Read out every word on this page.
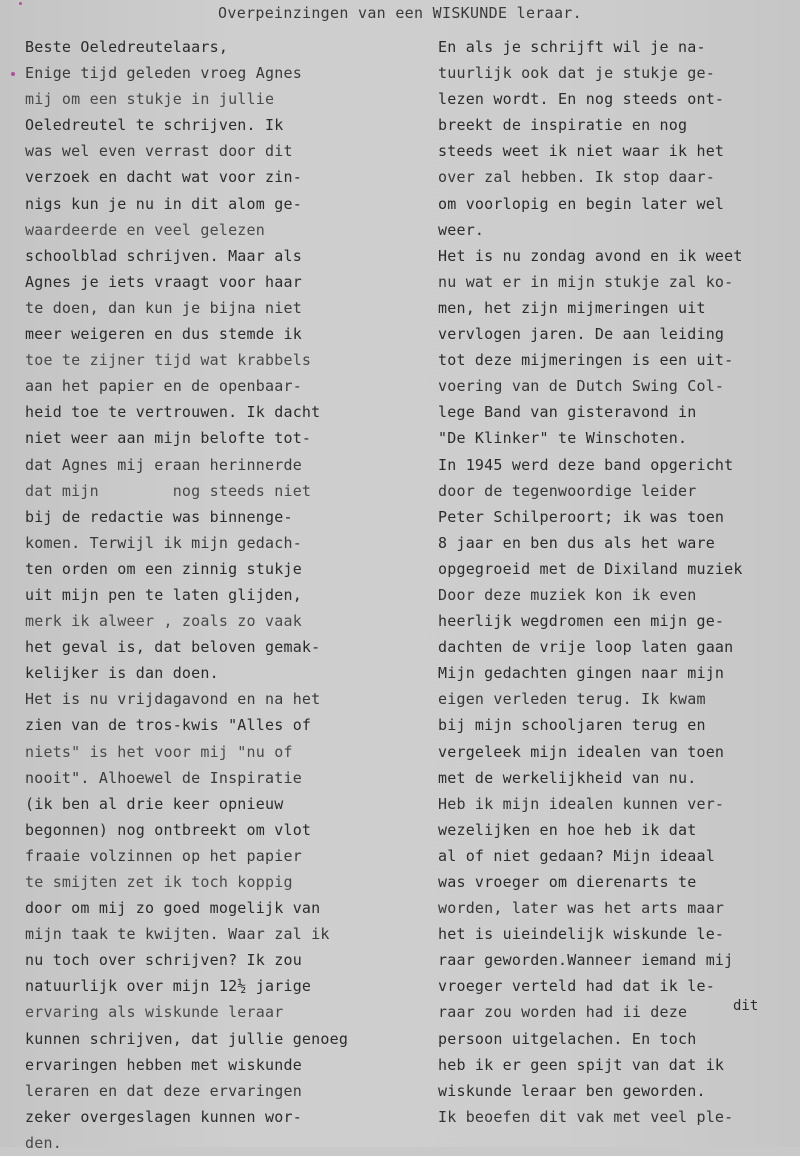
Overpeinzingen van een WISKUNDE leraar.
Beste Oeledreutelaars,
Enige tijd geleden vroeg Agnes
mij om een stukje in jullie
Oeledreutel te schrijven. Ik
was wel even verrast door dit
verzoek en dacht wat voor zin-
nigs kun je nu in dit alom ge-
waardeerde en veel gelezen
schoolblad schrijven. Maar als
Agnes je iets vraagt voor haar
te doen, dan kun je bijna niet
meer weigeren en dus stemde ik
toe te zijner tijd wat krabbels
aan het papier en de openbaar-
heid toe te vertrouwen. Ik dacht
niet weer aan mijn belofte tot-
dat Agnes mij eraan herinnerde
dat mijn        nog steeds niet
bij de redactie was binnenge-
komen. Terwijl ik mijn gedach-
ten orden om een zinnig stukje
uit mijn pen te laten glijden,
merk ik alweer , zoals zo vaak
het geval is, dat beloven gemak-
kelijker is dan doen.
Het is nu vrijdagavond en na het
zien van de tros-kwis "Alles of
niets" is het voor mij "nu of
nooit". Alhoewel de Inspiratie
(ik ben al drie keer opnieuw
begonnen) nog ontbreekt om vlot
fraaie volzinnen op het papier
te smijten zet ik toch koppig
door om mij zo goed mogelijk van
mijn taak te kwijten. Waar zal ik
nu toch over schrijven? Ik zou
natuurlijk over mijn 12½ jarige
ervaring als wiskunde leraar
kunnen schrijven, dat jullie genoeg
ervaringen hebben met wiskunde
leraren en dat deze ervaringen
zeker overgeslagen kunnen wor-
den.
En als je schrijft wil je na-
tuurlijk ook dat je stukje ge-
lezen wordt. En nog steeds ont-
breekt de inspiratie en nog
steeds weet ik niet waar ik het
over zal hebben. Ik stop daar-
om voorlopig en begin later wel
weer.
Het is nu zondag avond en ik weet
nu wat er in mijn stukje zal ko-
men, het zijn mijmeringen uit
vervlogen jaren. De aan leiding
tot deze mijmeringen is een uit-
voering van de Dutch Swing Col-
lege Band van gisteravond in
"De Klinker" te Winschoten.
In 1945 werd deze band opgericht
door de tegenwoordige leider
Peter Schilperoort; ik was toen
8 jaar en ben dus als het ware
opgegroeid met de Dixiland muziek
Door deze muziek kon ik even
heerlijk wegdromen een mijn ge-
dachten de vrije loop laten gaan
Mijn gedachten gingen naar mijn
eigen verleden terug. Ik kwam
bij mijn schooljaren terug en
vergeleek mijn idealen van toen
met de werkelijkheid van nu.
Heb ik mijn idealen kunnen ver-
wezelijken en hoe heb ik dat
al of niet gedaan? Mijn ideaal
was vroeger om dierenarts te
worden, later was het arts maar
het is uieindelijk wiskunde le-
raar geworden.Wanneer iemand mij
vroeger verteld had dat ik le-
raar zou worden had ii deze
persoon uitgelachen. En toch
heb ik er geen spijt van dat ik
wiskunde leraar ben geworden.
Ik beoefen dit vak met veel ple-
dit
